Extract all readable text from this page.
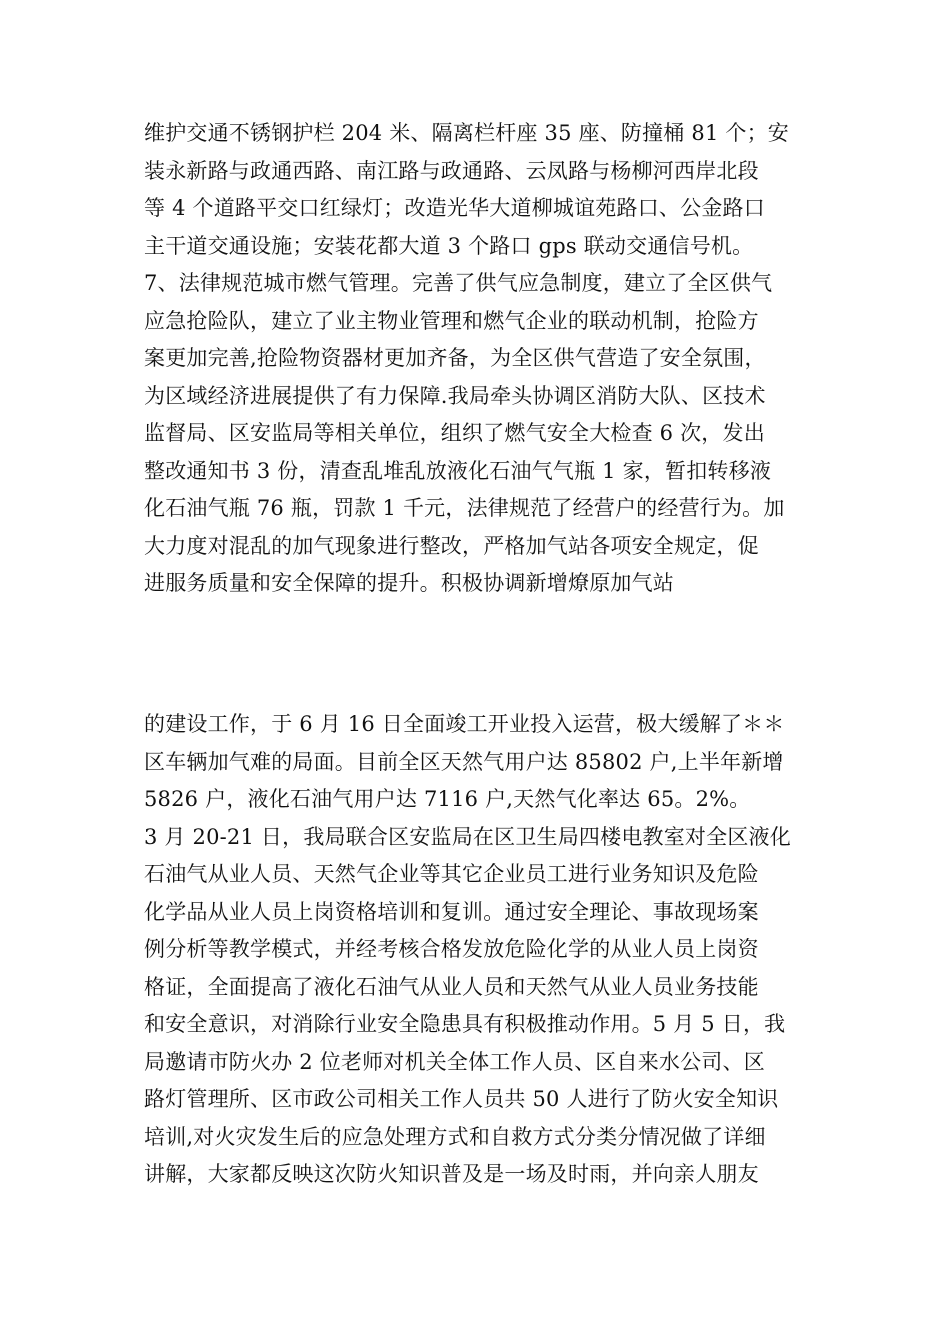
维护交通不锈钢护栏 204 米、隔离栏杆座 35 座、防撞桶 81 个；安
装永新路与政通西路、南江路与政通路、云凤路与杨柳河西岸北段
等 4 个道路平交口红绿灯；改造光华大道柳城谊苑路口、公金路口
主干道交通设施；安装花都大道 3 个路口 gps 联动交通信号机。
7、法律规范城市燃气管理。完善了供气应急制度，建立了全区供气
应急抢险队，建立了业主物业管理和燃气企业的联动机制，抢险方
案更加完善,抢险物资器材更加齐备，为全区供气营造了安全氛围，
为区域经济进展提供了有力保障.我局牵头协调区消防大队、区技术
监督局、区安监局等相关单位，组织了燃气安全大检查 6 次，发出
整改通知书 3 份，清查乱堆乱放液化石油气气瓶 1 家，暂扣转移液
化石油气瓶 76 瓶，罚款 1 千元，法律规范了经营户的经营行为。加
大力度对混乱的加气现象进行整改，严格加气站各项安全规定，促
进服务质量和安全保障的提升。积极协调新增燎原加气站
的建设工作，于 6 月 16 日全面竣工开业投入运营，极大缓解了＊＊
区车辆加气难的局面。目前全区天然气用户达 85802 户,上半年新增
5826 户，液化石油气用户达 7116 户,天然气化率达 65。2%。
3 月 20-21 日，我局联合区安监局在区卫生局四楼电教室对全区液化
石油气从业人员、天然气企业等其它企业员工进行业务知识及危险
化学品从业人员上岗资格培训和复训。通过安全理论、事故现场案
例分析等教学模式，并经考核合格发放危险化学的从业人员上岗资
格证，全面提高了液化石油气从业人员和天然气从业人员业务技能
和安全意识，对消除行业安全隐患具有积极推动作用。5 月 5 日，我
局邀请市防火办 2 位老师对机关全体工作人员、区自来水公司、区
路灯管理所、区市政公司相关工作人员共 50 人进行了防火安全知识
培训,对火灾发生后的应急处理方式和自救方式分类分情况做了详细
讲解，大家都反映这次防火知识普及是一场及时雨，并向亲人朋友
